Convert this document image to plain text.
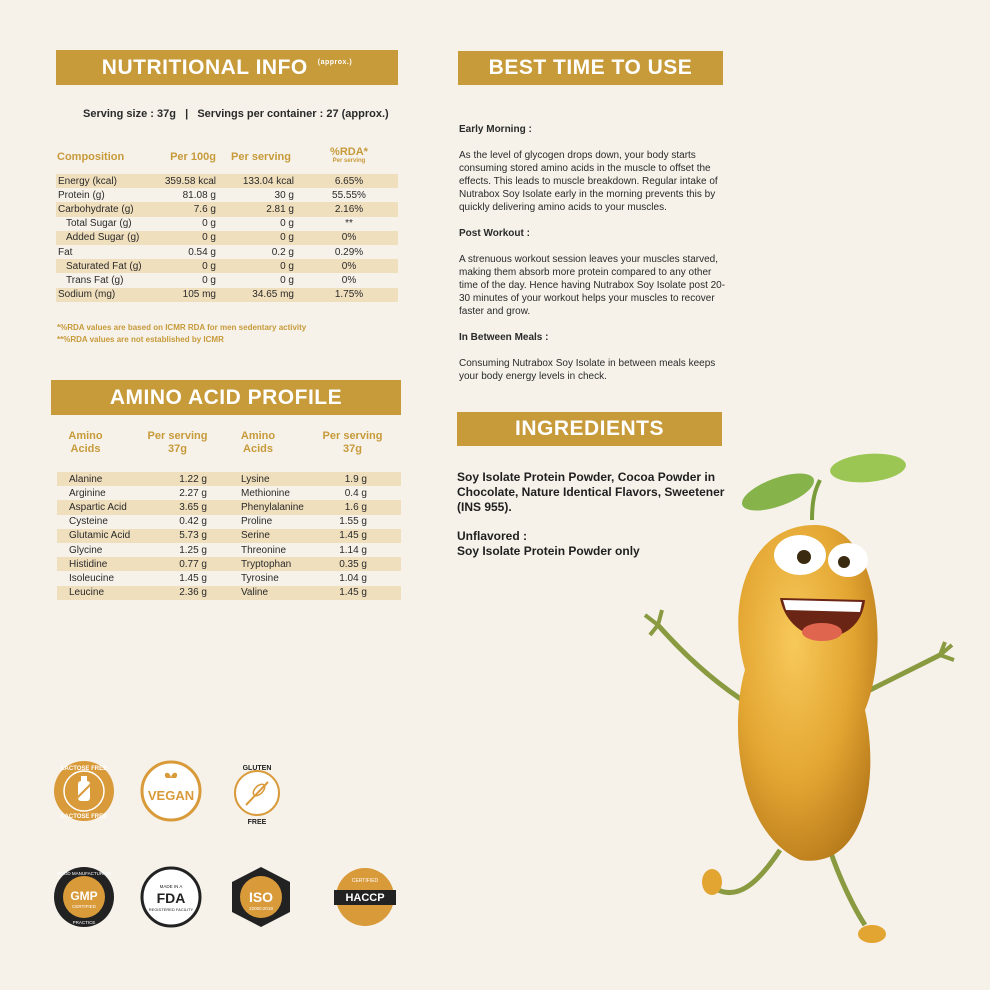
NUTRITIONAL INFO (approx.)
Serving size : 37g   |   Servings per container : 27 (approx.)
Composition	Per 100g	Per serving	%RDA*
Per serving

Energy (kcal)	359.58 kcal	133.04 kcal	6.65%
Protein (g)	81.08 g	30 g	55.55%
Carbohydrate (g)	7.6 g	2.81 g	2.16%
Total Sugar (g)	0 g	0 g	**
Added Sugar (g)	0 g	0 g	0%
Fat	0.54 g	0.2 g	0.29%
Saturated Fat (g)	0 g	0 g	0%
Trans Fat (g)	0 g	0 g	0%
Sodium (mg)	105 mg	34.65 mg	1.75%
*%RDA values are based on ICMR RDA for men sedentary activity
**%RDA values are not established by ICMR
AMINO ACID PROFILE
Amino
Acids
Per serving
37g
Amino
Acids
Per serving
37g
Alanine	1.22 g	Lysine	1.9 g
Arginine	2.27 g	Methionine	0.4 g
Aspartic Acid	3.65 g	Phenylalanine	1.6 g
Cysteine	0.42 g	Proline	1.55 g
Glutamic Acid	5.73 g	Serine	1.45 g
Glycine	1.25 g	Threonine	1.14 g
Histidine	0.77 g	Tryptophan	0.35 g
Isoleucine	1.45 g	Tyrosine	1.04 g
Leucine	2.36 g	Valine	1.45 g
BEST TIME TO USE
Early Morning :
As the level of glycogen drops down, your body starts consuming stored amino acids in the muscle to offset the effects. This leads to muscle breakdown. Regular intake of Nutrabox Soy Isolate early in the morning prevents this by quickly delivering amino acids to your muscles.
Post Workout :
A strenuous workout session leaves your muscles starved, making them absorb more protein compared to any other time of the day. Hence having Nutrabox Soy Isolate post 20-30 minutes of your workout helps your muscles to recover faster and grow.
In Between Meals :
Consuming Nutrabox Soy Isolate in between meals keeps your body energy levels in check.
INGREDIENTS
Soy Isolate Protein Powder, Cocoa Powder in Chocolate, Nature Identical Flavors, Sweetener (INS 955).
Unflavored :
Soy Isolate Protein Powder only
LACTOSE FREE
LACTOSE FREE
VEGAN
GLUTEN
FREE
GOOD MANUFACTURING
GMP
CERTIFIED
PRACTICE
MADE IN A
FDA
REGISTERED FACILITY
ISO
22000:2018
CERTIFIED
HACCP
